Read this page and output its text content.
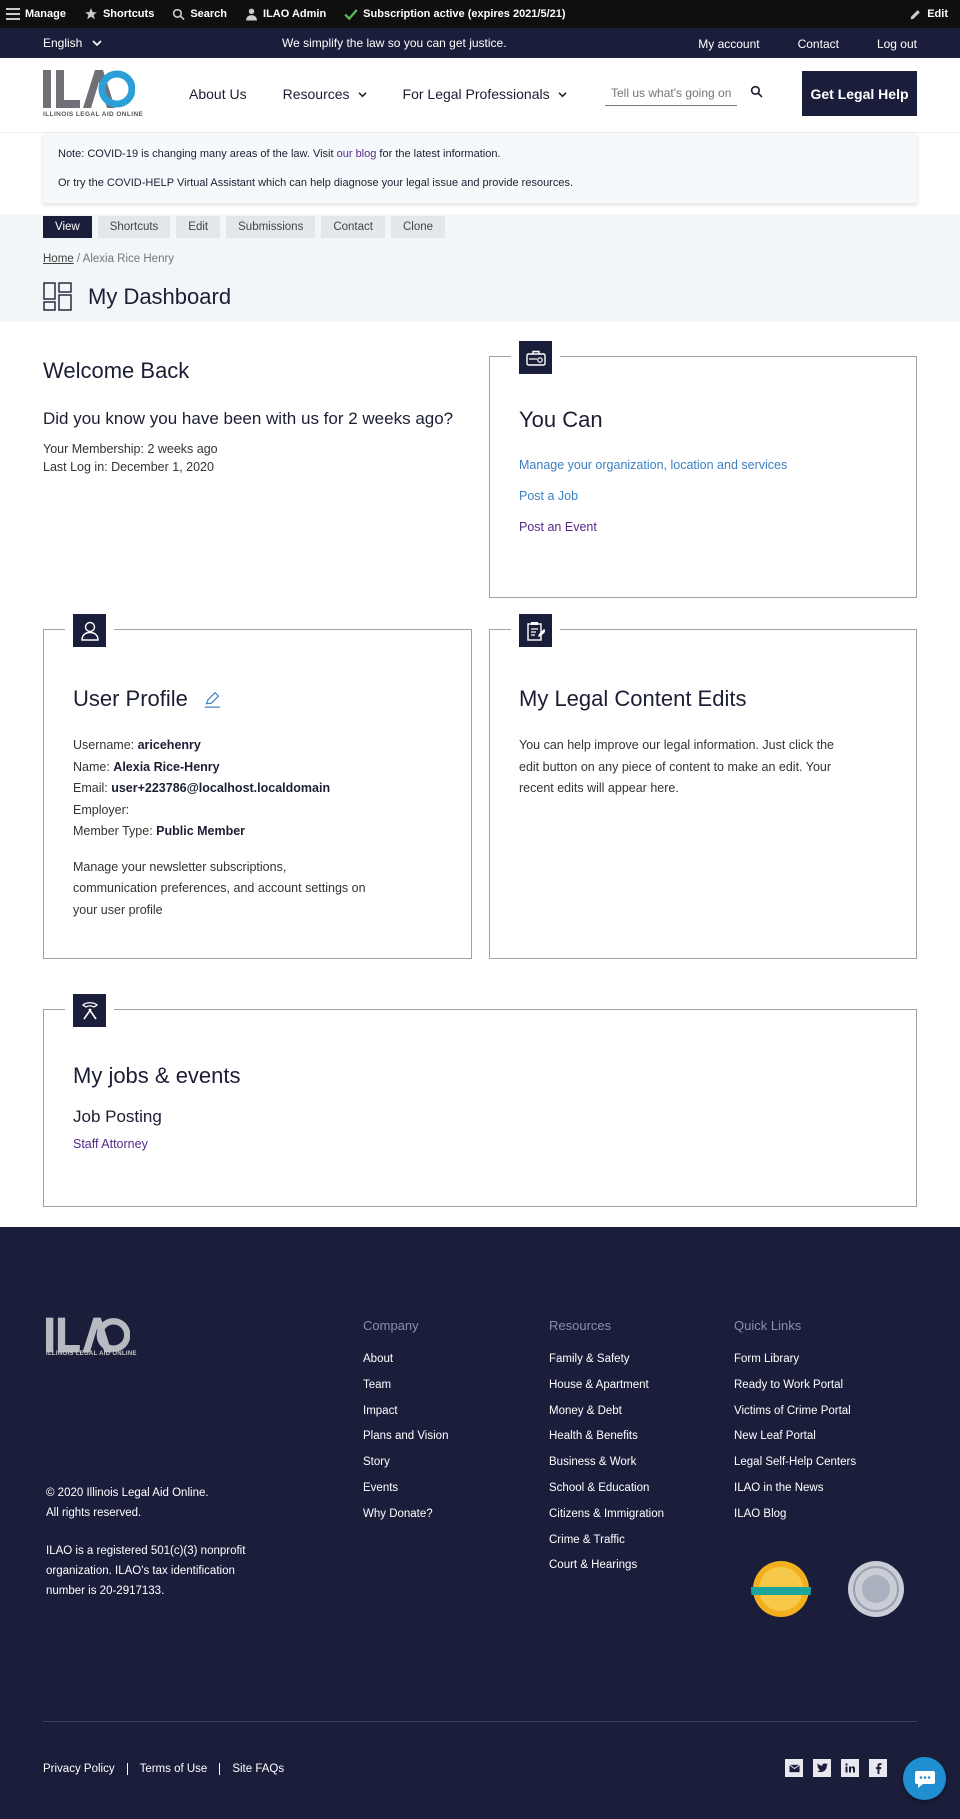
Manage	Shortcuts	Search	ILAO Admin	Subscription active (expires 2021/5/21)	Edit
English	We simplify the law so you can get justice.	My account	Contact	Log out
ILLINOIS LEGAL AID ONLINE
About Us	Resources	For Legal Professionals
Tell us what's going on	Get Legal Help

Note: COVID-19 is changing many areas of the law. Visit our blog for the latest information.

Or try the COVID-HELP Virtual Assistant which can help diagnose your legal issue and provide resources.

View	Shortcuts	Edit	Submissions	Contact	Clone
Home / Alexia Rice Henry
My Dashboard
Welcome Back
Did you know you have been with us for 2 weeks ago?

Your Membership: 2 weeks ago

Last Log in: December 1, 2020

You Can
Manage your organization, location and services
Post a Job
Post an Event
User Profile
Username: aricehenry
Name: Alexia Rice-Henry
Email: user+223786@localhost.localdomain
Employer:
Member Type: Public Member

Manage your newsletter subscriptions, communication preferences, and account settings on your user profile

My Legal Content Edits

You can help improve our legal information. Just click the edit button on any piece of content to make an edit. Your recent edits will appear here.

My jobs & events
Job Posting
Staff Attorney
ILLINOIS LEGAL AID ONLINE
© 2020 Illinois Legal Aid Online.
All rights reserved.
ILAO is a registered 501(c)(3) nonprofit organization. ILAO's tax identification number is 20-2917133.
Company
About
Team
Impact
Plans and Vision
Story
Events
Why Donate?
Resources
Family & Safety
House & Apartment
Money & Debt
Health & Benefits
Business & Work
School & Education
Citizens & Immigration
Crime & Traffic
Court & Hearings
Quick Links
Form Library
Ready to Work Portal
Victims of Crime Portal
New Leaf Portal
Legal Self-Help Centers
ILAO in the News
ILAO Blog
Privacy Policy	Terms of Use	Site FAQs
